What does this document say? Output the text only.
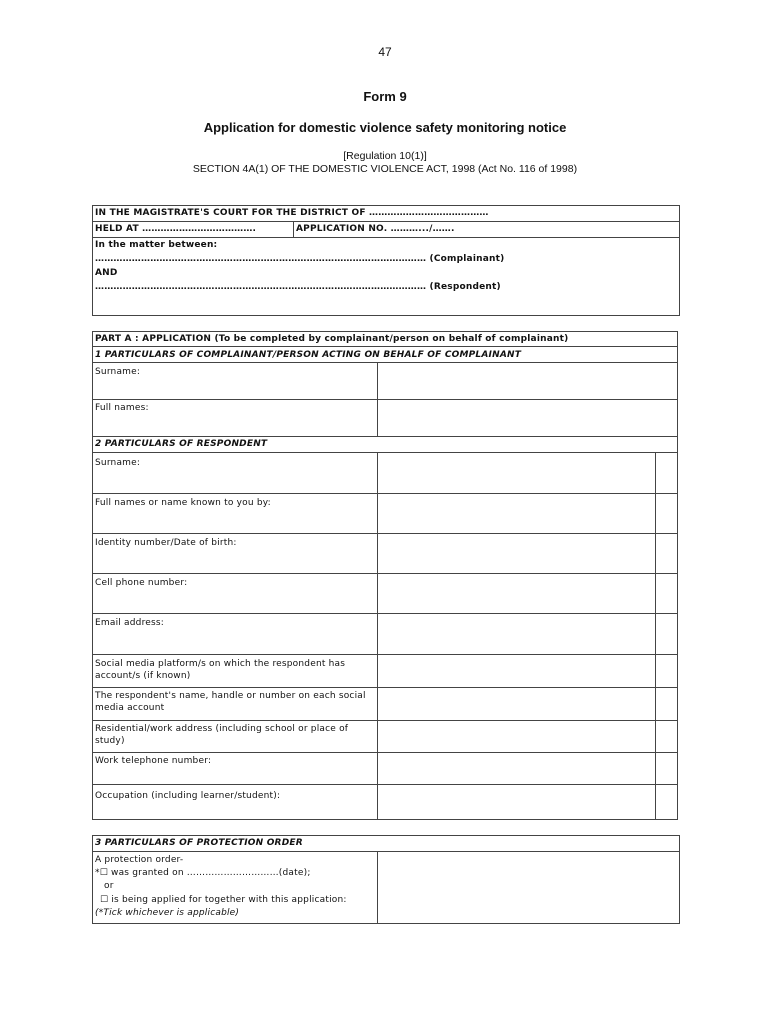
47
Form 9
Application for domestic violence safety monitoring notice
[Regulation 10(1)]
SECTION 4A(1) OF THE DOMESTIC VIOLENCE ACT, 1998 (Act No. 116 of 1998)
IN THE MAGISTRATE'S COURT FOR THE DISTRICT OF …………………………………
HELD AT ……………………………….	APPLICATION NO. ……….../…….
In the matter between:
……………………………………………………………………………………………… (Complainant)
AND
……………………………………………………………………………………………… (Respondent)
PART A : APPLICATION (To be completed by complainant/person on behalf of complainant)
1 PARTICULARS OF COMPLAINANT/PERSON ACTING ON BEHALF OF COMPLAINANT
Surname:
Full names:
2 PARTICULARS OF RESPONDENT
Surname:
Full names or name known to you by:
Identity number/Date of birth:
Cell phone number:
Email address:
Social media platform/s on which the respondent has account/s (if known)
The respondent's name, handle or number on each social media account
Residential/work address (including school or place of study)
Work telephone number:
Occupation (including learner/student):
3 PARTICULARS OF PROTECTION ORDER
A protection order-
*☐ was granted on …………………………(date);
or
☐ is being applied for together with this application:
(*Tick whichever is applicable)
